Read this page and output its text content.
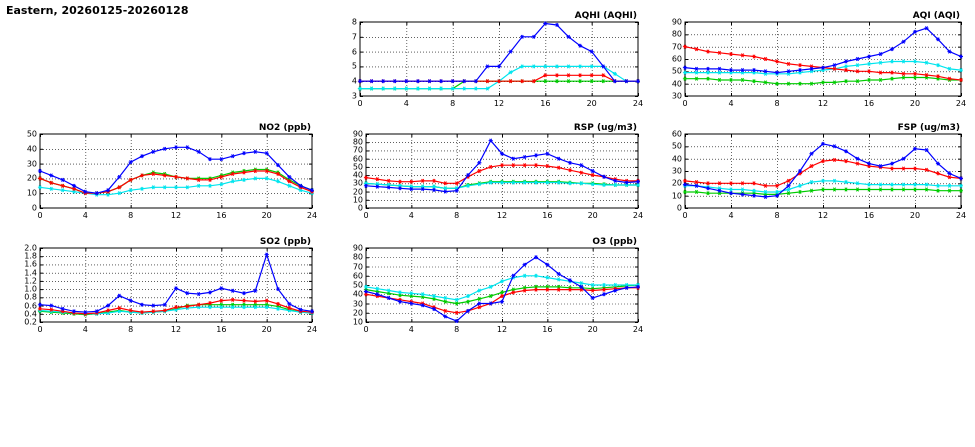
Eastern, 20260125-20260128
NO2 (ppb)
0
10
20
30
40
50
0	4	8	12	16	20	24
SO2 (ppb)
0.2
0.4
0.6
0.8
1.0
1.2
1.4
1.6
1.8
2.0
0	4	8	12	16	20	24
AQHI (AQHI)
3
4
5
6
7
8
0	4	8	12	16	20	24
RSP (ug/m3)
0
10
20
30
40
50
60
70
80
90
0	4	8	12	16	20	24
O3 (ppb)
10
20
30
40
50
60
70
80
90
0	4	8	12	16	20	24
AQI (AQI)
30
40
50
60
70
80
90
0	4	8	12	16	20	24
FSP (ug/m3)
0
10
20
30
40
50
60
0	4	8	12	16	20	24
